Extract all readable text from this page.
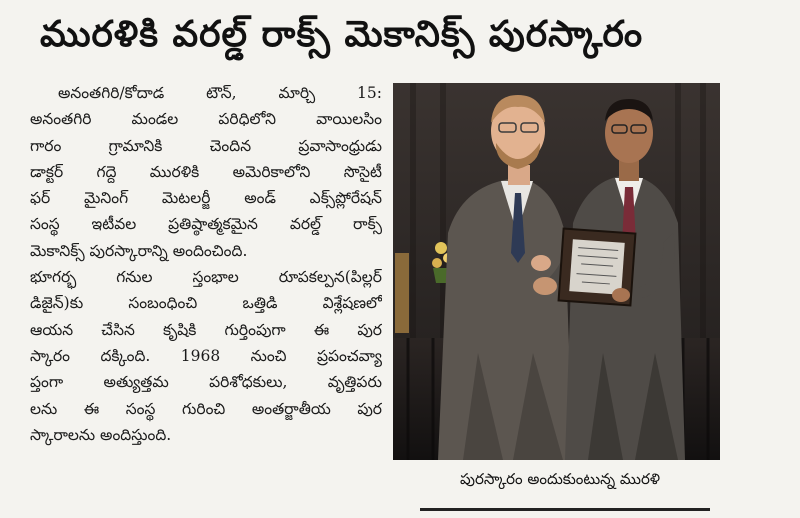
మురళికి వరల్డ్ రాక్స్ మెకానిక్స్ పురస్కారం
అనంతగిరి/కోదాడ టౌన్, మార్చి 15:
అనంతగిరి మండల పరిధిలోని వాయిలసిం
గారం గ్రామానికి చెందిన ప్రవాసాంధ్రుడు
డాక్టర్ గద్దె మురళికి అమెరికాలోని సొసైటీ
ఫర్ మైనింగ్ మెటలర్జీ అండ్ ఎక్స్‌ప్లోరేషన్
సంస్థ ఇటీవల ప్రతిష్ఠాత్మకమైన వరల్డ్ రాక్స్
మెకానిక్స్ పురస్కారాన్ని అందించింది.
భూగర్భ గనుల స్తంభాల రూపకల్పన(పిల్లర్
డిజైన్)కు సంబంధించి ఒత్తిడి విశ్లేషణలో
ఆయన చేసిన కృషికి గుర్తింపుగా ఈ పుర
స్కారం దక్కింది. 1968 నుంచి ప్రపంచవ్యా
ప్తంగా అత్యుత్తమ పరిశోధకులు, వృత్తిపరు
లను ఈ సంస్థ గురించి అంతర్జాతీయ పుర
స్కారాలను అందిస్తుంది.
పురస్కారం అందుకుంటున్న మురళి
